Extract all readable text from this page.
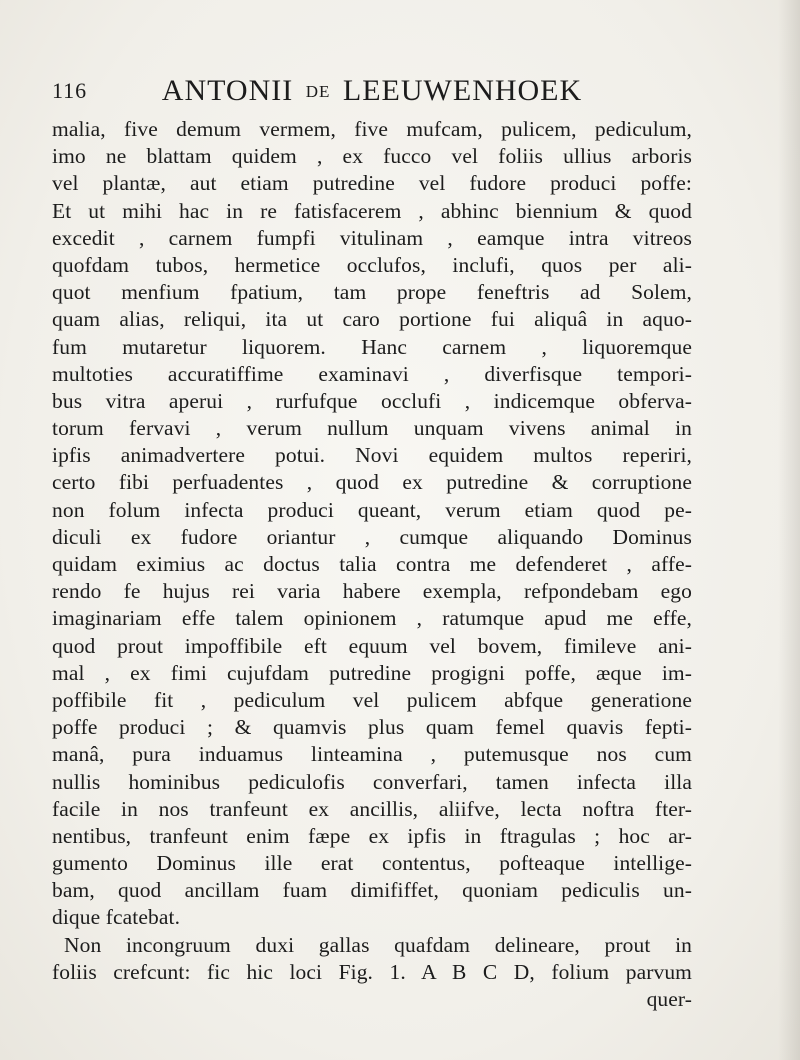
116	ANTONII DE LEEUWENHOEK
malia, five demum vermem, five mufcam, pulicem, pediculum,
imo ne blattam quidem , ex fucco vel foliis ullius arboris
vel plantæ, aut etiam putredine vel fudore produci poffe:
Et ut mihi hac in re fatisfacerem , abhinc biennium & quod
excedit , carnem fumpfi vitulinam , eamque intra vitreos
quofdam tubos, hermetice occlufos, inclufi, quos per ali-
quot menfium fpatium, tam prope feneftris ad Solem,
quam alias, reliqui, ita ut caro portione fui aliquâ in aquo-
fum mutaretur liquorem. Hanc carnem , liquoremque
multoties accuratiffime examinavi , diverfisque tempori-
bus vitra aperui , rurfufque occlufi , indicemque obferva-
torum fervavi , verum nullum unquam vivens animal in
ipfis animadvertere potui. Novi equidem multos reperiri,
certo fibi perfuadentes , quod ex putredine & corruptione
non folum infecta produci queant, verum etiam quod pe-
diculi ex fudore oriantur , cumque aliquando Dominus
quidam eximius ac doctus talia contra me defenderet , affe-
rendo fe hujus rei varia habere exempla, refpondebam ego
imaginariam effe talem opinionem , ratumque apud me effe,
quod prout impoffibile eft equum vel bovem, fimileve ani-
mal , ex fimi cujufdam putredine progigni poffe, æque im-
poffibile fit , pediculum vel pulicem abfque generatione
poffe produci ; & quamvis plus quam femel quavis fepti-
manâ, pura induamus linteamina , putemusque nos cum
nullis hominibus pediculofis converfari, tamen infecta illa
facile in nos tranfeunt ex ancillis, aliifve, lecta noftra fter-
nentibus, tranfeunt enim fæpe ex ipfis in ftragulas ; hoc ar-
gumento Dominus ille erat contentus, pofteaque intellige-
bam, quod ancillam fuam dimififfet, quoniam pediculis un-
dique fcatebat.
Non incongruum duxi gallas quafdam delineare, prout in
foliis crefcunt: fic hic loci Fig. 1. A B C D, folium parvum
quer-
